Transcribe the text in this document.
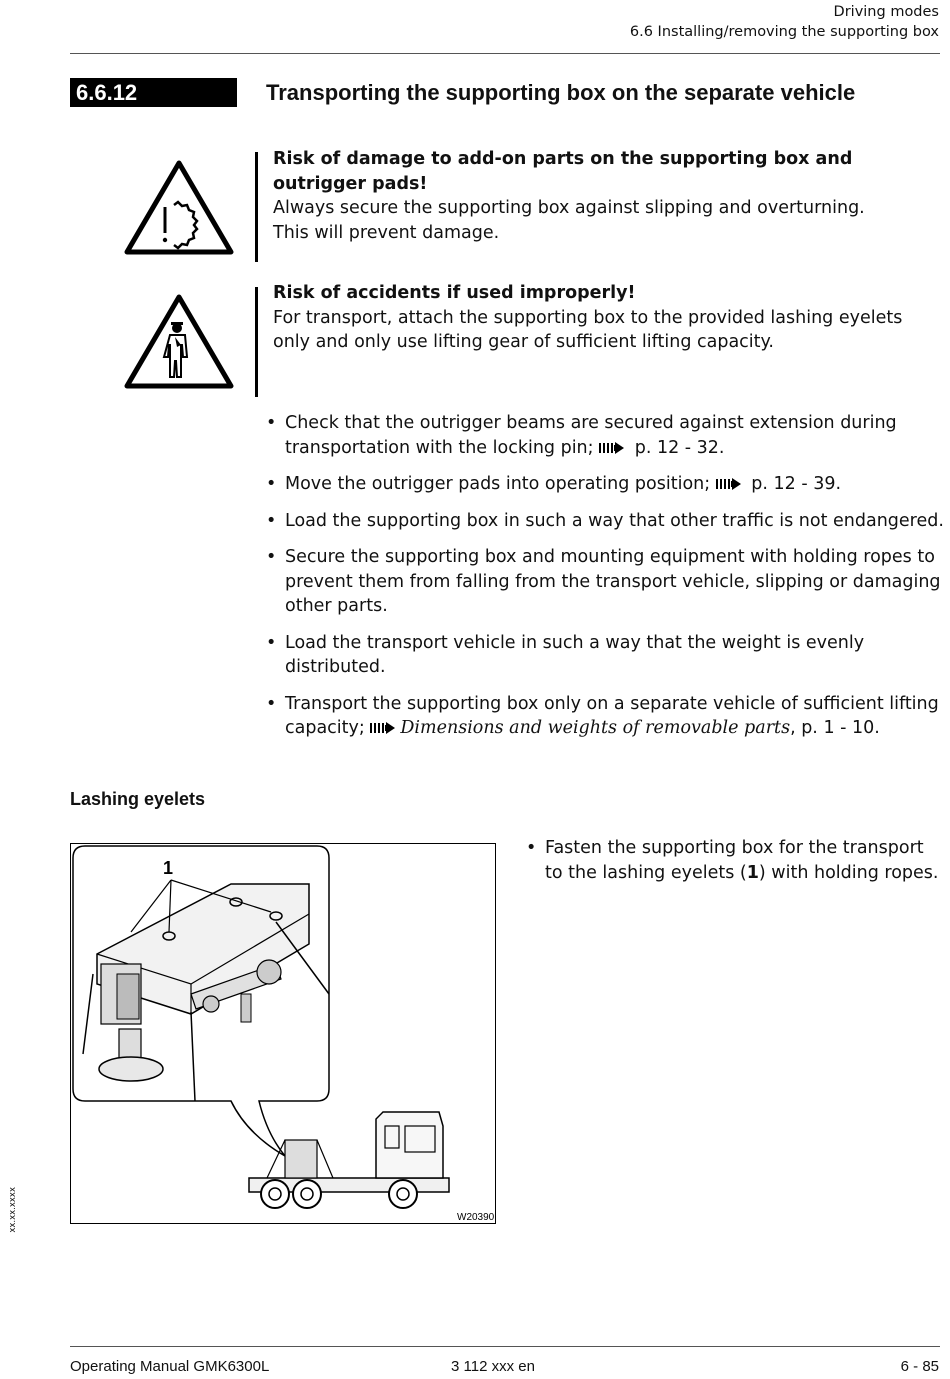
Driving modes
6.6 Installing/removing the supporting box
6.6.12	Transporting the supporting box on the separate vehicle
Risk of damage to add-on parts on the supporting box and outrigger pads!
Always secure the supporting box against slipping and overturning.
This will prevent damage.
Risk of accidents if used improperly!
For transport, attach the supporting box to the provided lashing eyelets
only and only use lifting gear of sufficient lifting capacity.
• Check that the outrigger beams are secured against extension during transportation with the locking pin; p. 12 - 32.
• Move the outrigger pads into operating position; p. 12 - 39.
• Load the supporting box in such a way that other traffic is not endangered.
• Secure the supporting box and mounting equipment with holding ropes to prevent them from falling from the transport vehicle, slipping or damaging other parts.
• Load the transport vehicle in such a way that the weight is evenly distributed.
• Transport the supporting box only on a separate vehicle of sufficient lifting capacity; Dimensions and weights of removable parts, p. 1 - 10.
Lashing eyelets
1
W20390
• Fasten the supporting box for the transport to the lashing eyelets (1) with holding ropes.
xx.xx.xxxx
Operating Manual GMK6300L	3 112 xxx en	6 - 85
